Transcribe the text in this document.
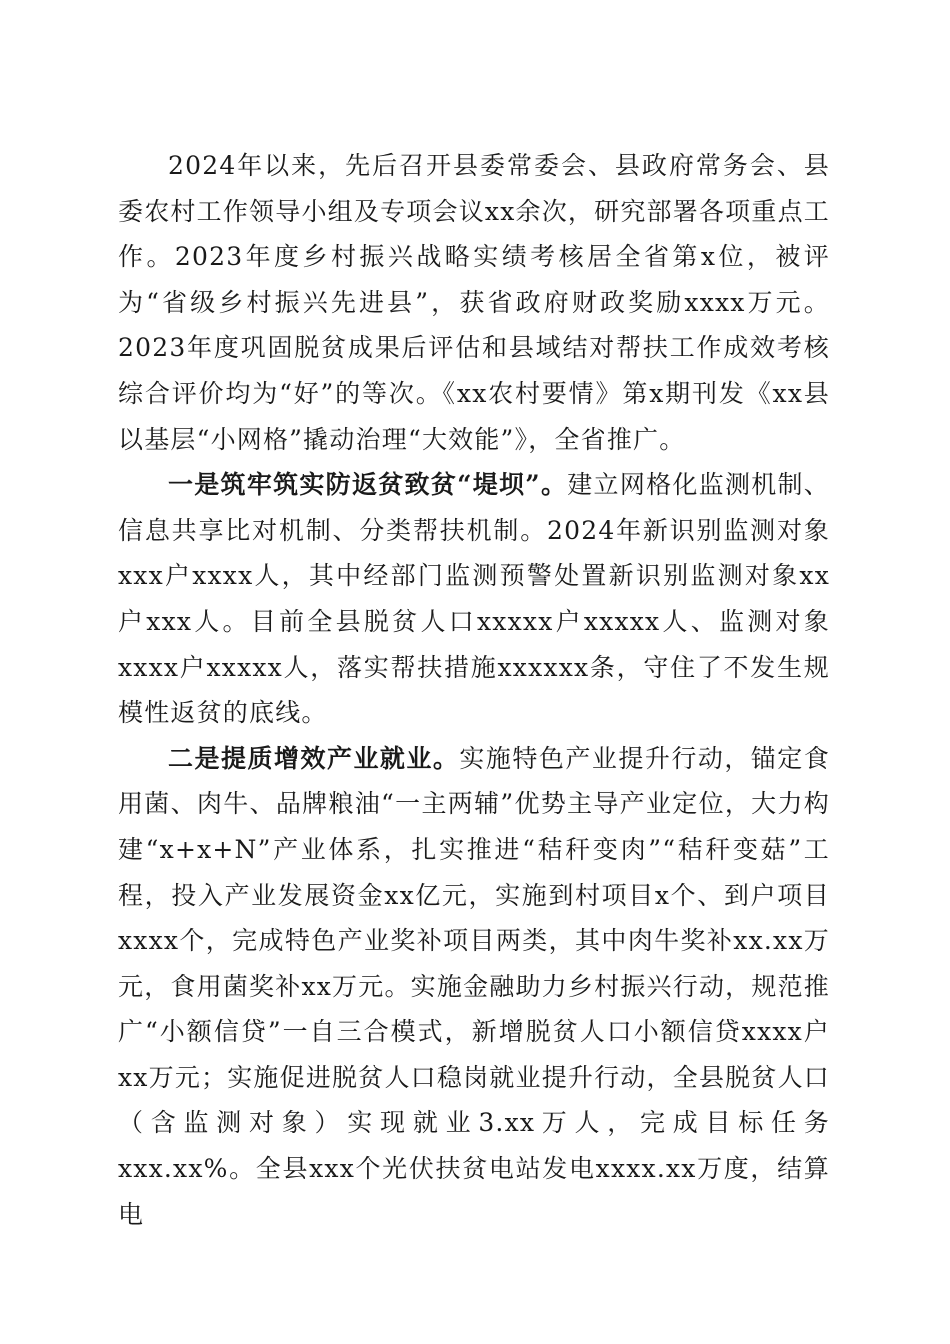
2024年以来，先后召开县委常委会、县政府常务会、县委农村工作领导小组及专项会议xx余次，研究部署各项重点工作。2023年度乡村振兴战略实绩考核居全省第x位，被评为“省级乡村振兴先进县”，获省政府财政奖励xxxx万元。2023年度巩固脱贫成果后评估和县域结对帮扶工作成效考核综合评价均为“好”的等次。《xx农村要情》第x期刊发《xx县以基层“小网格”撬动治理“大效能”》，全省推广。

一是筑牢筑实防返贫致贫“堤坝”。建立网格化监测机制、信息共享比对机制、分类帮扶机制。2024年新识别监测对象xxx户xxxx人，其中经部门监测预警处置新识别监测对象xx户xxx人。目前全县脱贫人口xxxxx户xxxxx人、监测对象xxxx户xxxxx人，落实帮扶措施xxxxxx条，守住了不发生规模性返贫的底线。

二是提质增效产业就业。实施特色产业提升行动，锚定食用菌、肉牛、品牌粮油“一主两辅”优势主导产业定位，大力构建“x+x+N”产业体系，扎实推进“秸秆变肉”“秸秆变菇”工程，投入产业发展资金xx亿元，实施到村项目x个、到户项目xxxx个，完成特色产业奖补项目两类，其中肉牛奖补xx.xx万元，食用菌奖补xx万元。实施金融助力乡村振兴行动，规范推广“小额信贷”一自三合模式，新增脱贫人口小额信贷xxxx户xx万元；实施促进脱贫人口稳岗就业提升行动，全县脱贫人口（含监测对象）实现就业3.xx万人，完成目标任务xxx.xx%。全县xxx个光伏扶贫电站发电xxxx.xx万度，结算电
